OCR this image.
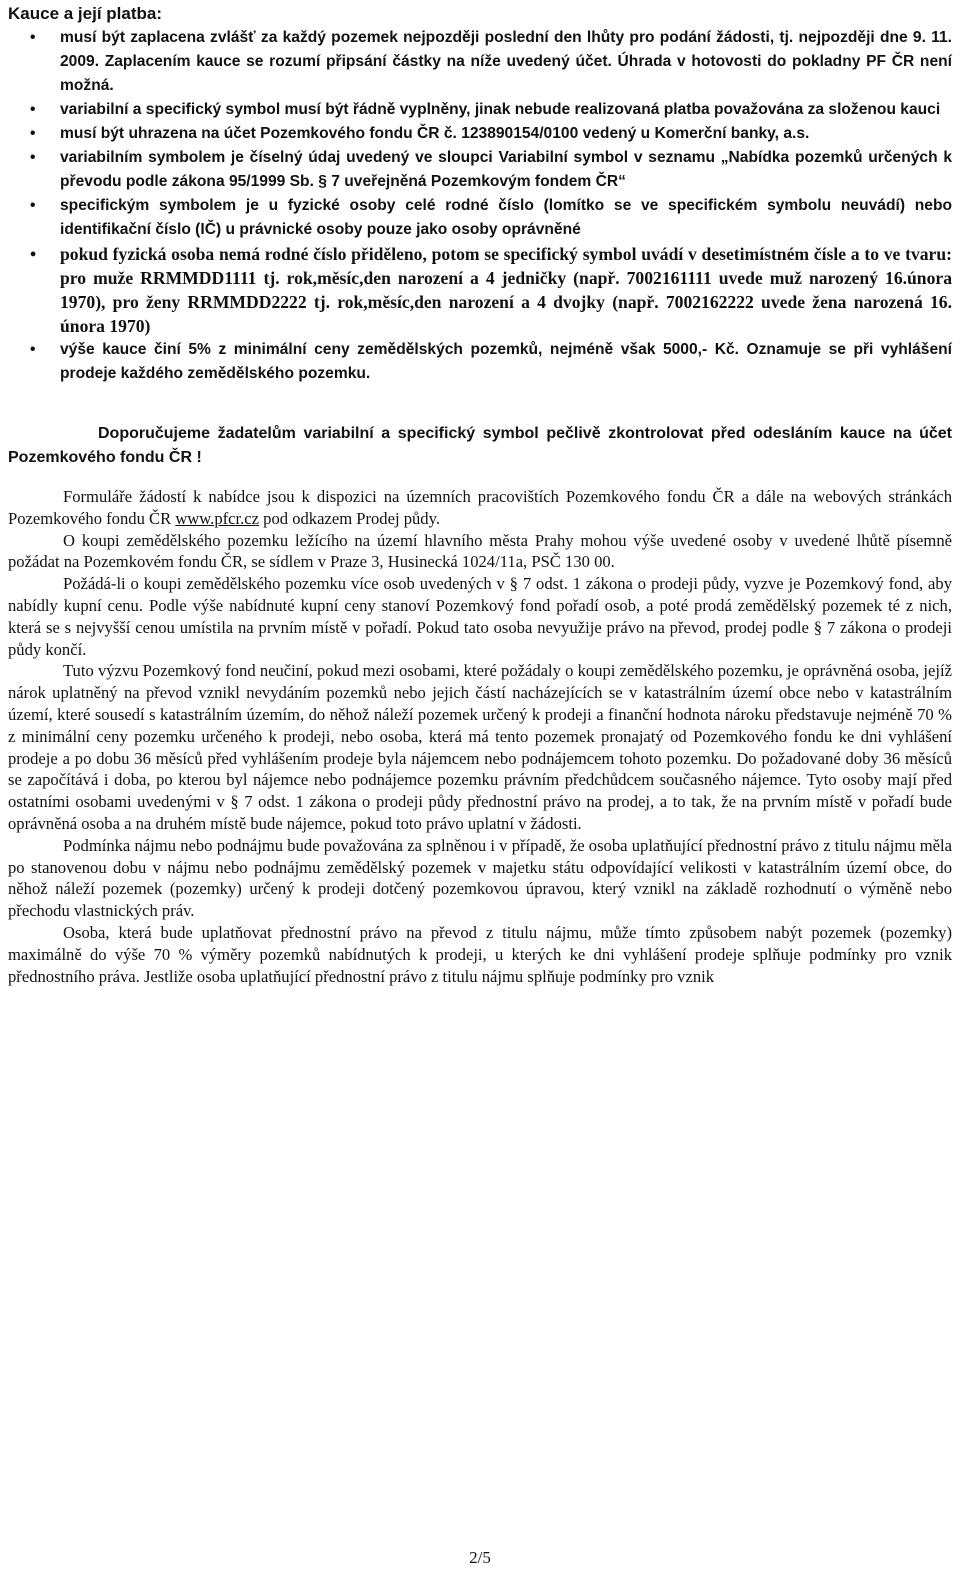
Kauce a její platba:

• musí být zaplacena zvlášť za každý pozemek nejpozději poslední den lhůty pro podání žádosti, tj. nejpozději dne 9. 11. 2009. Zaplacením kauce se rozumí připsání částky na níže uvedený účet. Úhrada v hotovosti do pokladny PF ČR není možná.
• variabilní a specifický symbol musí být řádně vyplněny, jinak nebude realizovaná platba považována za složenou kauci
• musí být uhrazena na účet Pozemkového fondu ČR č. 123890154/0100 vedený u Komerční banky, a.s.
• variabilním symbolem je číselný údaj uvedený ve sloupci Variabilní symbol v seznamu „Nabídka pozemků určených k převodu podle zákona 95/1999 Sb. § 7 uveřejněná Pozemkovým fondem ČR“
• specifickým symbolem je u fyzické osoby celé rodné číslo (lomítko se ve specifickém symbolu neuvádí) nebo identifikační číslo (IČ) u právnické osoby pouze jako osoby oprávněné
• pokud fyzická osoba nemá rodné číslo přiděleno, potom se specifický symbol uvádí v desetimístném čísle a to ve tvaru: pro muže RRMMDD1111 tj. rok,měsíc,den narození a 4 jedničky (např. 7002161111 uvede muž narozený 16.února 1970), pro ženy RRMMDD2222 tj. rok,měsíc,den narození a 4 dvojky (např. 7002162222 uvede žena narozená 16. února 1970)
• výše kauce činí 5% z minimální ceny zemědělských pozemků, nejméně však 5000,- Kč. Oznamuje se při vyhlášení prodeje každého zemědělského pozemku.

Doporučujeme žadatelům variabilní a specifický symbol pečlivě zkontrolovat před odesláním kauce na účet Pozemkového fondu ČR !

Formuláře žádostí k nabídce jsou k dispozici na územních pracovištích Pozemkového fondu ČR a dále na webových stránkách Pozemkového fondu ČR www.pfcr.cz pod odkazem Prodej půdy.

O koupi zemědělského pozemku ležícího na území hlavního města Prahy mohou výše uvedené osoby v uvedené lhůtě písemně požádat na Pozemkovém fondu ČR, se sídlem v Praze 3, Husinecká 1024/11a, PSČ 130 00.

Požádá-li o koupi zemědělského pozemku více osob uvedených v § 7 odst. 1 zákona o prodeji půdy, vyzve je Pozemkový fond, aby nabídly kupní cenu. Podle výše nabídnuté kupní ceny stanoví Pozemkový fond pořadí osob, a poté prodá zemědělský pozemek té z nich, která se s nejvyšší cenou umístila na prvním místě v pořadí. Pokud tato osoba nevyužije právo na převod, prodej podle § 7 zákona o prodeji půdy končí.

Tuto výzvu Pozemkový fond neučiní, pokud mezi osobami, které požádaly o koupi zemědělského pozemku, je oprávněná osoba, jejíž nárok uplatněný na převod vznikl nevydáním pozemků nebo jejich částí nacházejících se v katastrálním území obce nebo v katastrálním území, které sousedí s katastrálním územím, do něhož náleží pozemek určený k prodeji a finanční hodnota nároku představuje nejméně 70 % z minimální ceny pozemku určeného k prodeji, nebo osoba, která má tento pozemek pronajatý od Pozemkového fondu ke dni vyhlášení prodeje a po dobu 36 měsíců před vyhlášením prodeje byla nájemcem nebo podnájemcem tohoto pozemku. Do požadované doby 36 měsíců se započítává i doba, po kterou byl nájemce nebo podnájemce pozemku právním předchůdcem současného nájemce. Tyto osoby mají před ostatními osobami uvedenými v § 7 odst. 1 zákona o prodeji půdy přednostní právo na prodej, a to tak, že na prvním místě v pořadí bude oprávněná osoba a na druhém místě bude nájemce, pokud toto právo uplatní v žádosti.

Podmínka nájmu nebo podnájmu bude považována za splněnou i v případě, že osoba uplatňující přednostní právo z titulu nájmu měla po stanovenou dobu v nájmu nebo podnájmu zemědělský pozemek v majetku státu odpovídající velikosti v katastrálním území obce, do něhož náleží pozemek (pozemky) určený k prodeji dotčený pozemkovou úpravou, který vznikl na základě rozhodnutí o výměně nebo přechodu vlastnických práv.

Osoba, která bude uplatňovat přednostní právo na převod z titulu nájmu, může tímto způsobem nabýt pozemek (pozemky) maximálně do výše 70 % výměry pozemků nabídnutých k prodeji, u kterých ke dni vyhlášení prodeje splňuje podmínky pro vznik přednostního práva. Jestliže osoba uplatňující přednostní právo z titulu nájmu splňuje podmínky pro vznik

2/5
